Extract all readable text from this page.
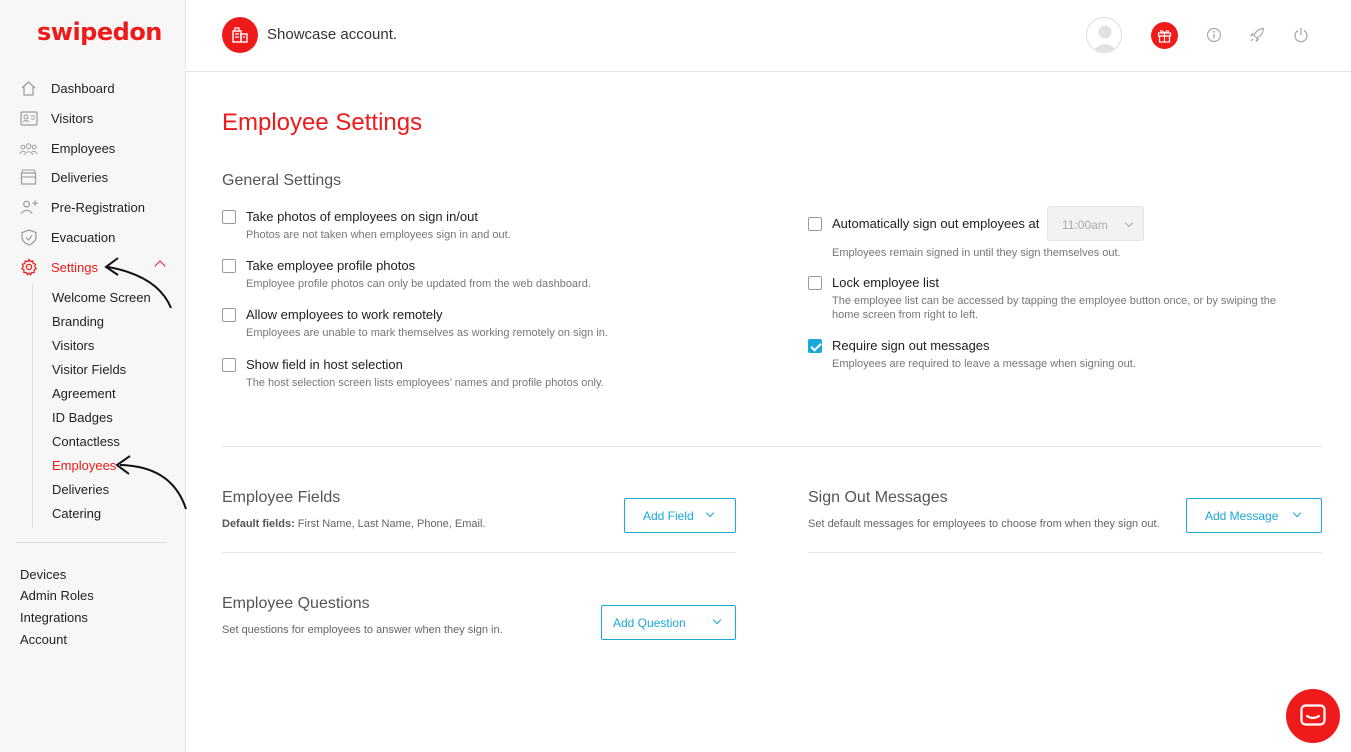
swipedon
Dashboard
Visitors
Employees
Deliveries
Pre-Registration
Evacuation
Settings
Welcome Screen
Branding
Visitors
Visitor Fields
Agreement
ID Badges
Contactless
Employees
Deliveries
Catering
Devices
Admin Roles
Integrations
Account
Showcase account.
Employee Settings
General Settings
Take photos of employees on sign in/out
Photos are not taken when employees sign in and out.
Take employee profile photos
Employee profile photos can only be updated from the web dashboard.
Allow employees to work remotely
Employees are unable to mark themselves as working remotely on sign in.
Show field in host selection
The host selection screen lists employees’ names and profile photos only.
Automatically sign out employees at
Employees remain signed in until they sign themselves out.
11:00am
Lock employee list
The employee list can be accessed by tapping the employee button once, or by swiping the
home screen from right to left.
Require sign out messages
Employees are required to leave a message when signing out.
Employee Fields
Default fields: First Name, Last Name, Phone, Email.
Add Field
Sign Out Messages
Set default messages for employees to choose from when they sign out.
Add Message
Employee Questions
Set questions for employees to answer when they sign in.	Add Question
